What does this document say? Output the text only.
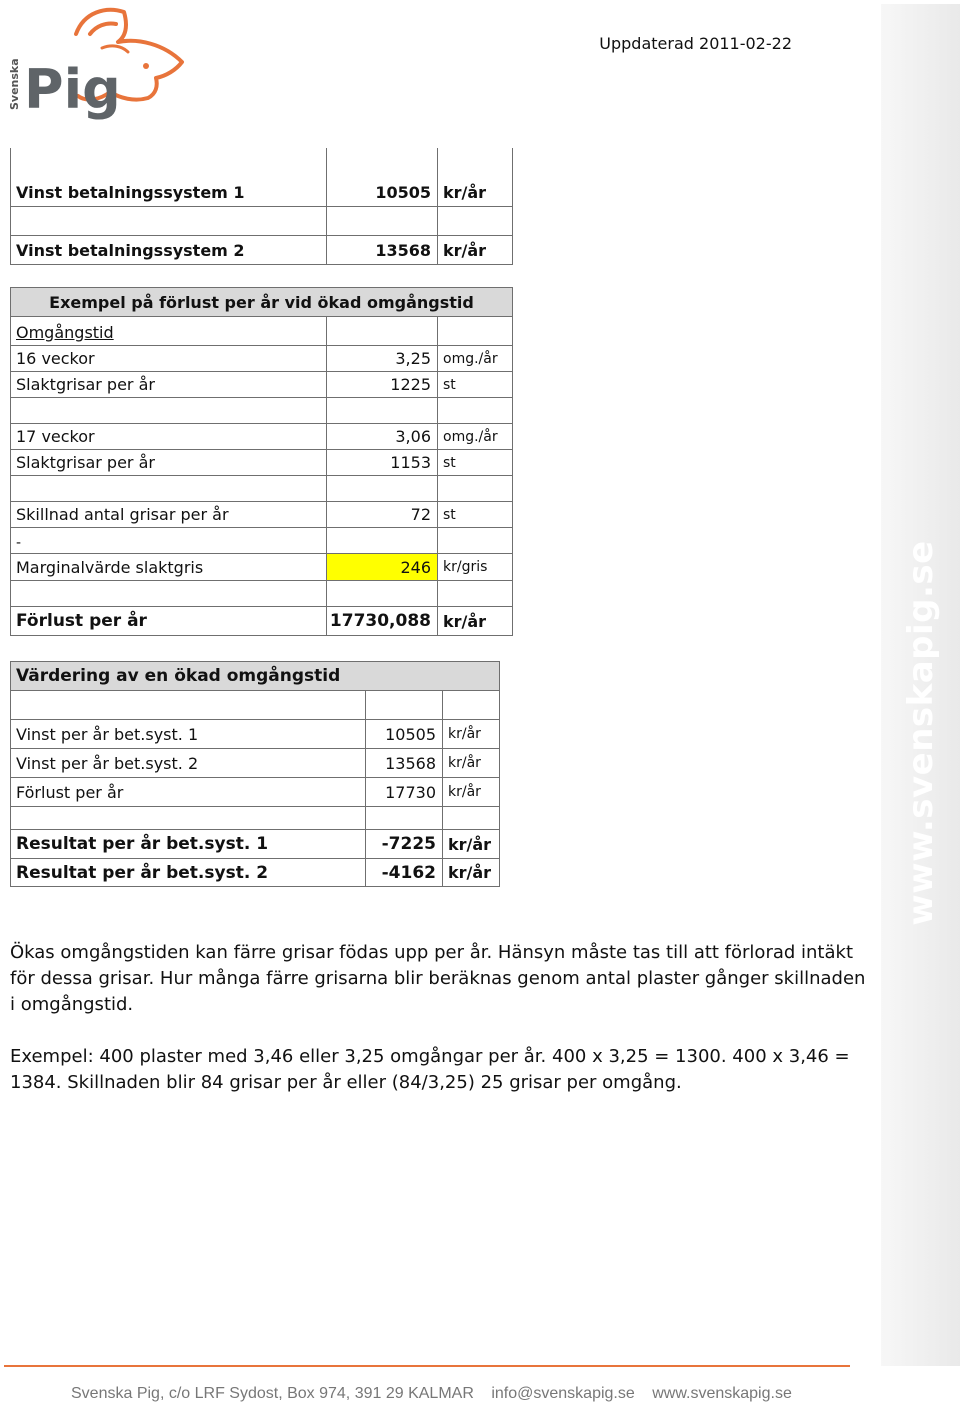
Svenska Pig
Uppdaterad 2011-02-22
www.svenskapig.se
Vinst betalningssystem 1	10505 kr/år
Vinst betalningssystem 2	13568 kr/år
Exempel på förlust per år vid ökad omgångstid
Omgångstid
16 veckor	3,25 omg./år
Slaktgrisar per år	1225 st
17 veckor	3,06 omg./år
Slaktgrisar per år	1153 st
Skillnad antal grisar per år	72 st
-
Marginalvärde slaktgris	246 kr/gris
Förlust per år	17730,088 kr/år
Värdering av en ökad omgångstid
Vinst per år bet.syst. 1	10505 kr/år
Vinst per år bet.syst. 2	13568 kr/år
Förlust per år	17730 kr/år
Resultat per år bet.syst. 1	-7225 kr/år
Resultat per år bet.syst. 2	-4162 kr/år
Ökas omgångstiden kan färre grisar födas upp per år. Hänsyn måste tas till att förlorad intäkt för dessa grisar. Hur många färre grisarna blir beräknas genom antal plaster gånger skillnaden i omgångstid.
Exempel: 400 plaster med 3,46 eller 3,25 omgångar per år. 400 x 3,25 = 1300. 400 x 3,46 = 1384. Skillnaden blir 84 grisar per år eller (84/3,25) 25 grisar per omgång.
Svenska Pig, c/o LRF Sydost, Box 974, 391 29 KALMAR info@svenskapig.se www.svenskapig.se
